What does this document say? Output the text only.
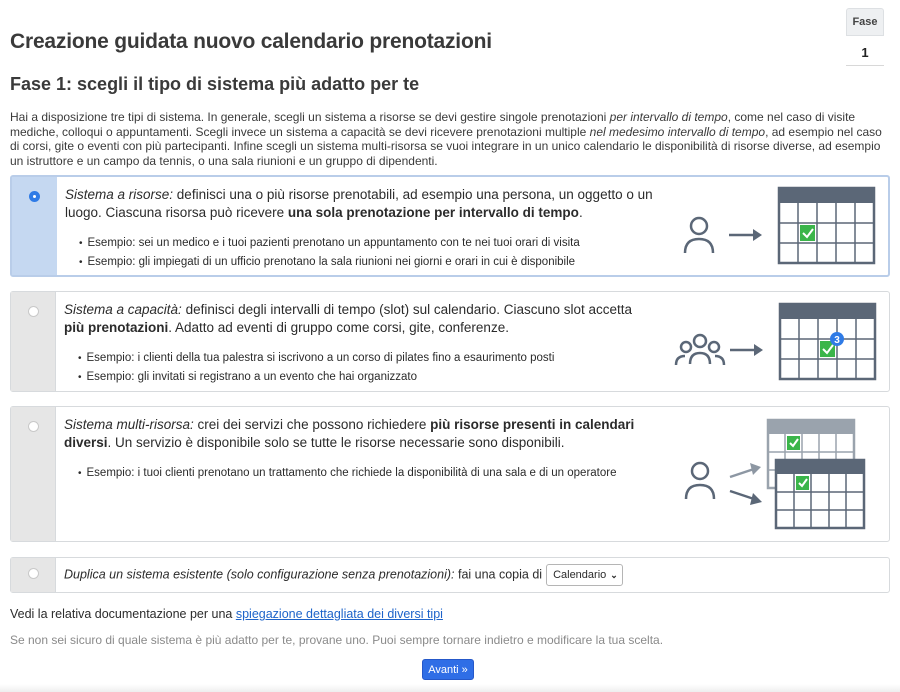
Fase
1
Creazione guidata nuovo calendario prenotazioni
Fase 1: scegli il tipo di sistema più adatto per te

Hai a disposizione tre tipi di sistema. In generale, scegli un sistema a risorse se devi gestire singole prenotazioni per intervallo di tempo, come nel caso di visite mediche, colloqui o appuntamenti. Scegli invece un sistema a capacità se devi ricevere prenotazioni multiple nel medesimo intervallo di tempo, ad esempio nel caso di corsi, gite o eventi con più partecipanti. Infine scegli un sistema multi-risorsa se vuoi integrare in un unico calendario le disponibilità di risorse diverse, ad esempio un istruttore e un campo da tennis, o una sala riunioni e un gruppo di dipendenti.

Sistema a risorse: definisci una o più risorse prenotabili, ad esempio una persona, un oggetto o un luogo. Ciascuna risorsa può ricevere una sola prenotazione per intervallo di tempo.
• Esempio: sei un medico e i tuoi pazienti prenotano un appuntamento con te nei tuoi orari di visita
• Esempio: gli impiegati di un ufficio prenotano la sala riunioni nei giorni e orari in cui è disponibile
Sistema a capacità: definisci degli intervalli di tempo (slot) sul calendario. Ciascuno slot accetta più prenotazioni. Adatto ad eventi di gruppo come corsi, gite, conferenze.
• Esempio: i clienti della tua palestra si iscrivono a un corso di pilates fino a esaurimento posti
• Esempio: gli invitati si registrano a un evento che hai organizzato
3
Sistema multi-risorsa: crei dei servizi che possono richiedere più risorse presenti in calendari diversi. Un servizio è disponibile solo se tutte le risorse necessarie sono disponibili.
• Esempio: i tuoi clienti prenotano un trattamento che richiede la disponibilità di una sala e di un operatore
Duplica un sistema esistente (solo configurazione senza prenotazioni): fai una copia di Calendario ⌄
Vedi la relativa documentazione per una spiegazione dettagliata dei diversi tipi
Se non sei sicuro di quale sistema è più adatto per te, provane uno. Puoi sempre tornare indietro e modificare la tua scelta.
Avanti »
